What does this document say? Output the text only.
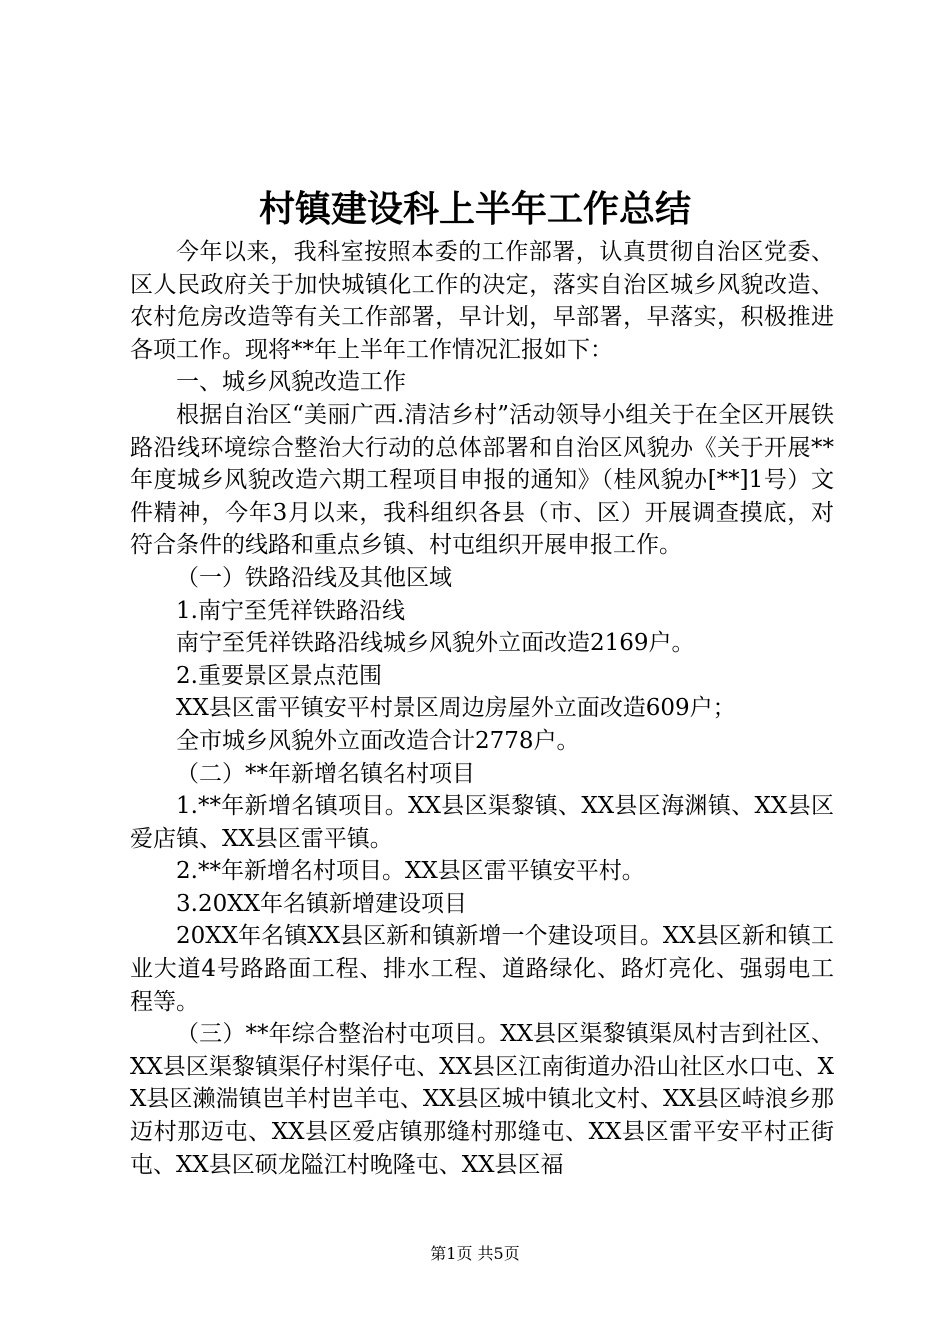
村镇建设科上半年工作总结

今年以来，我科室按照本委的工作部署，认真贯彻自治区党委、区人民政府关于加快城镇化工作的决定，落实自治区城乡风貌改造、农村危房改造等有关工作部署，早计划，早部署，早落实，积极推进各项工作。现将**年上半年工作情况汇报如下：

一、城乡风貌改造工作

根据自治区“美丽广西.清洁乡村”活动领导小组关于在全区开展铁路沿线环境综合整治大行动的总体部署和自治区风貌办《关于开展**年度城乡风貌改造六期工程项目申报的通知》（桂风貌办[**]1号）文件精神，今年3月以来，我科组织各县（市、区）开展调查摸底，对符合条件的线路和重点乡镇、村屯组织开展申报工作。

（一）铁路沿线及其他区域

1.南宁至凭祥铁路沿线

南宁至凭祥铁路沿线城乡风貌外立面改造2169户。

2.重要景区景点范围

XX县区雷平镇安平村景区周边房屋外立面改造609户；

全市城乡风貌外立面改造合计2778户。

（二）**年新增名镇名村项目

1.**年新增名镇项目。XX县区渠黎镇、XX县区海渊镇、XX县区爱店镇、XX县区雷平镇。

2.**年新增名村项目。XX县区雷平镇安平村。

3.20XX年名镇新增建设项目

20XX年名镇XX县区新和镇新增一个建设项目。XX县区新和镇工业大道4号路路面工程、排水工程、道路绿化、路灯亮化、强弱电工程等。

（三）**年综合整治村屯项目。XX县区渠黎镇渠凤村吉到社区、XX县区渠黎镇渠仔村渠仔屯、XX县区江南街道办沿山社区水口屯、XX县区濑湍镇岜羊村岜羊屯、XX县区城中镇北文村、XX县区峙浪乡那迈村那迈屯、XX县区爱店镇那缝村那缝屯、XX县区雷平安平村正街屯、XX县区硕龙隘江村晚隆屯、XX县区福

第1页 共5页
